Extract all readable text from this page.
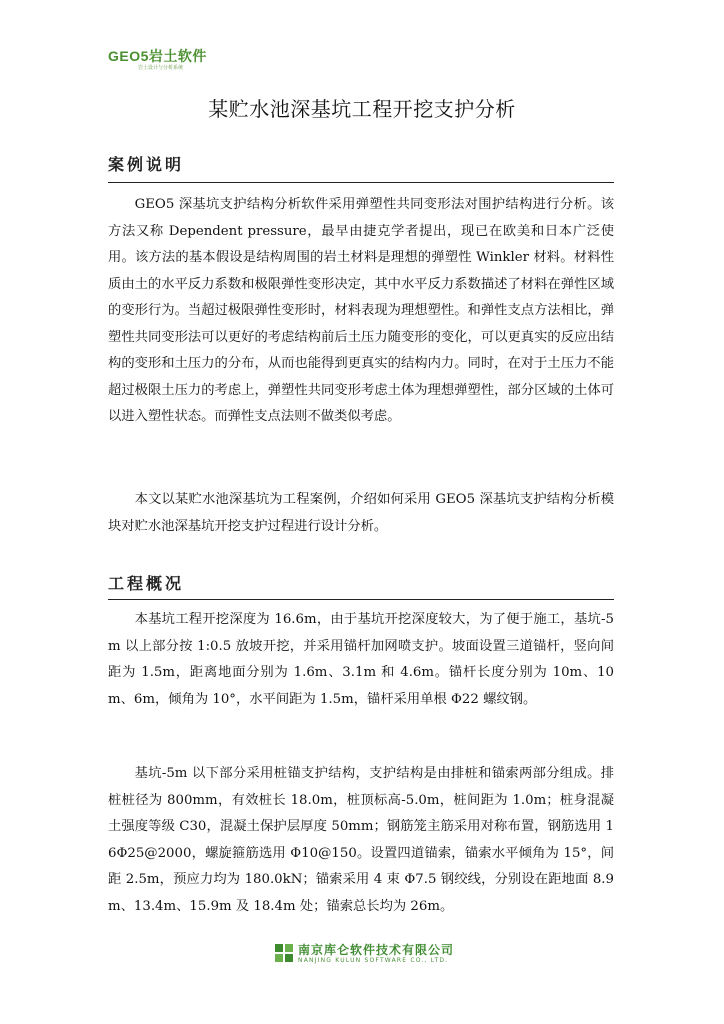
GEO5岩土软件
岩土设计与分析系统
某贮水池深基坑工程开挖支护分析
案例说明

GEO5 深基坑支护结构分析软件采用弹塑性共同变形法对围护结构进行分析。该方法又称 Dependent pressure，最早由捷克学者提出，现已在欧美和日本广泛使用。该方法的基本假设是结构周围的岩土材料是理想的弹塑性 Winkler 材料。材料性质由土的水平反力系数和极限弹性变形决定，其中水平反力系数描述了材料在弹性区域的变形行为。当超过极限弹性变形时，材料表现为理想塑性。和弹性支点方法相比，弹塑性共同变形法可以更好的考虑结构前后土压力随变形的变化，可以更真实的反应出结构的变形和土压力的分布，从而也能得到更真实的结构内力。同时，在对于土压力不能超过极限土压力的考虑上，弹塑性共同变形考虑土体为理想弹塑性，部分区域的土体可以进入塑性状态。而弹性支点法则不做类似考虑。

本文以某贮水池深基坑为工程案例，介绍如何采用 GEO5 深基坑支护结构分析模块对贮水池深基坑开挖支护过程进行设计分析。

工程概况

本基坑工程开挖深度为 16.6m，由于基坑开挖深度较大，为了便于施工，基坑-5m 以上部分按 1:0.5 放坡开挖，并采用锚杆加网喷支护。坡面设置三道锚杆，竖向间距为 1.5m，距离地面分别为 1.6m、3.1m 和 4.6m。锚杆长度分别为 10m、10m、6m，倾角为 10°，水平间距为 1.5m，锚杆采用单根 Φ22 螺纹钢。

基坑-5m 以下部分采用桩锚支护结构，支护结构是由排桩和锚索两部分组成。排桩桩径为 800mm，有效桩长 18.0m，桩顶标高-5.0m，桩间距为 1.0m；桩身混凝土强度等级 C30，混凝土保护层厚度 50mm；钢筋笼主筋采用对称布置，钢筋选用 16Φ25@2000，螺旋箍筋选用 Φ10@150。设置四道锚索，锚索水平倾角为 15°，间距 2.5m，预应力均为 180.0kN；锚索采用 4 束 Φ7.5 钢绞线，分别设在距地面 8.9m、13.4m、15.9m 及 18.4m 处；锚索总长均为 26m。

南京库仑软件技术有限公司
NANJING KULUN SOFTWARE CO., LTD.
